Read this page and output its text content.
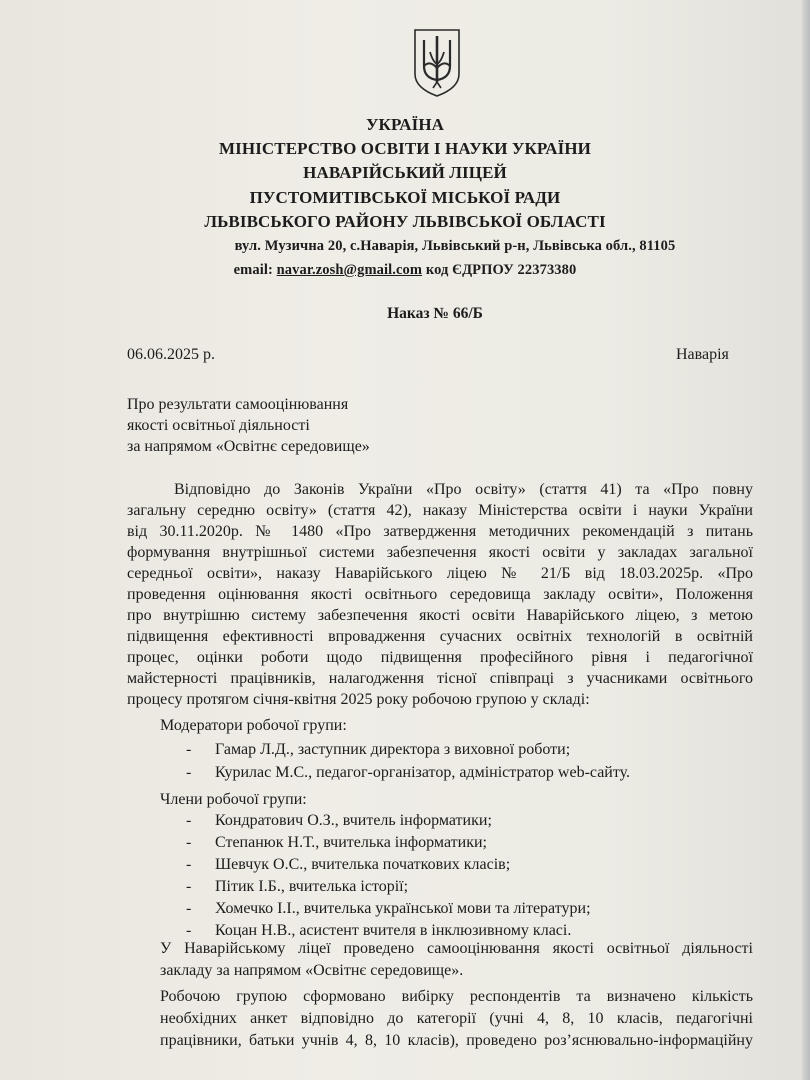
УКРАЇНА
МІНІСТЕРСТВО ОСВІТИ І НАУКИ УКРАЇНИ
НАВАРІЙСЬКИЙ ЛІЦЕЙ
ПУСТОМИТІВСЬКОЇ МІСЬКОЇ РАДИ
ЛЬВІВСЬКОГО РАЙОНУ ЛЬВІВСЬКОЇ ОБЛАСТІ
вул. Музична 20, с.Наварія, Львівський р-н, Львівська обл., 81105
email: navar.zosh@gmail.com код ЄДРПОУ 22373380
Наказ № 66/Б
06.06.2025 р.	Наварія
Про результати самооцінювання
якості освітньої діяльності
за напрямом «Освітнє середовище»
Відповідно до Законів України «Про освіту» (стаття 41) та «Про повну
загальну середню освіту» (стаття 42), наказу Міністерства освіти і науки України
від 30.11.2020р. № 1480 «Про затвердження методичних рекомендацій з питань
формування внутрішньої системи забезпечення якості освіти у закладах загальної
середньої освіти», наказу Наварійського ліцею № 21/Б від 18.03.2025р. «Про
проведення оцінювання якості освітнього середовища закладу освіти», Положення
про внутрішню систему забезпечення якості освіти Наварійського ліцею, з метою
підвищення ефективності впровадження сучасних освітніх технологій в освітній
процес, оцінки роботи щодо підвищення професійного рівня і педагогічної
майстерності працівників, налагодження тісної співпраці з учасниками освітнього
процесу протягом січня-квітня 2025 року робочою групою у складі:
Модератори робочої групи:
- Гамар Л.Д., заступник директора з виховної роботи;
- Курилас М.С., педагог-організатор, адміністратор web-сайту.
Члени робочої групи:
- Кондратович О.З., вчитель інформатики;
- Степанюк Н.Т., вчителька інформатики;
- Шевчук О.С., вчителька початкових класів;
- Пітик І.Б., вчителька історії;
- Хомечко І.І., вчителька української мови та літератури;
- Коцан Н.В., асистент вчителя в інклюзивному класі.
У Наварійському ліцеї проведено самооцінювання якості освітньої діяльності
закладу за напрямом «Освітнє середовище».
Робочою групою сформовано вибірку респондентів та визначено кількість
необхідних анкет відповідно до категорії (учні 4, 8, 10 класів, педагогічні
працівники, батьки учнів 4, 8, 10 класів), проведено роз’яснювально-інформаційну
